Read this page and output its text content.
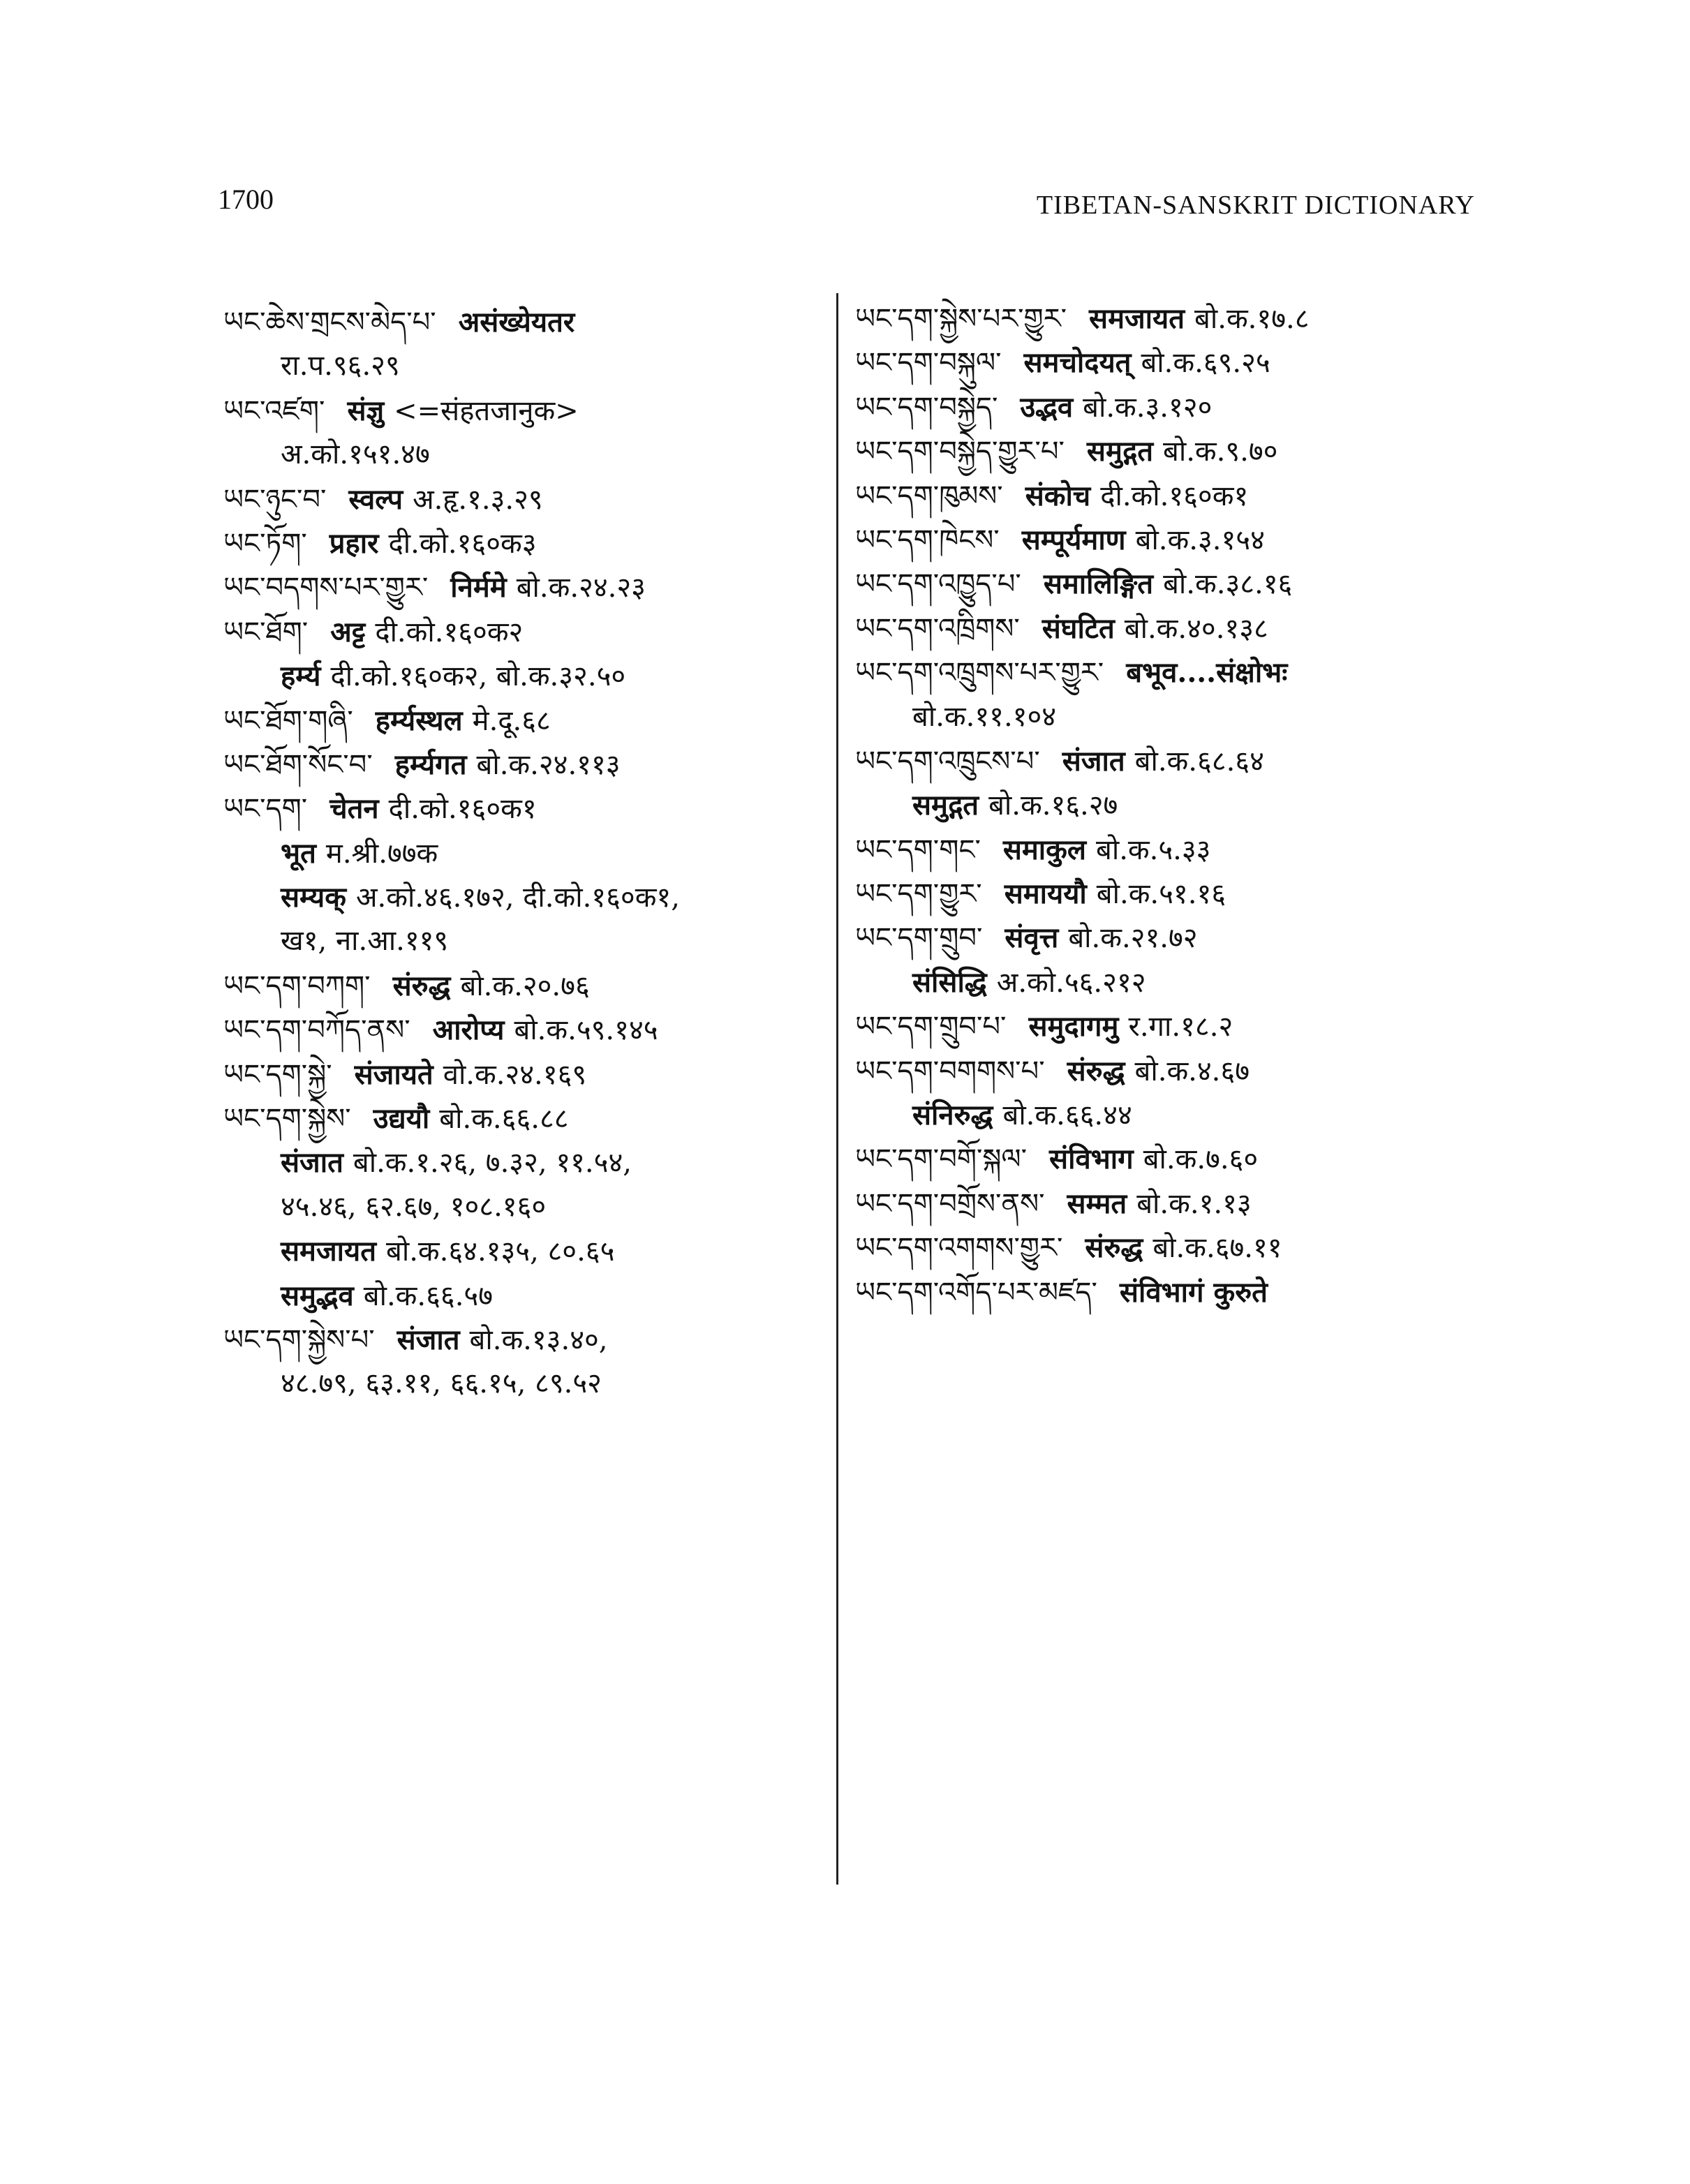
1700	TIBETAN-SANSKRIT DICTIONARY
ཡང་ཆེས་གྲངས་མེད་པ་ असंख्येयतर
रा.प.९६.२९
ཡང་འཛག་ संज्ञु <=संहतजानुक>
अ.को.१५१.४७
ཡང་ཉུང་བ་ स्वल्प अ.हृ.१.३.२९
ཡང་ཏོག་ प्रहार दी.को.१६०क३
ཡང་བདགས་པར་གྱུར་ निर्ममे बो.क.२४.२३
ཡང་ཐོག་ अट्ट दी.को.१६०क२
हर्म्य दी.को.१६०क२, बो.क.३२.५०
ཡང་ཐོག་གཞི་ हर्म्यस्थल मे.दू.६८
ཡང་ཐོག་སོང་བ་ हर्म्यगत बो.क.२४.११३
ཡང་དག་ चेतन दी.को.१६०क१
भूत म.श्री.७७क
सम्यक् अ.को.४६.१७२, दी.को.१६०क१,
ख१, ना.आ.११९
ཡང་དག་བཀག་ संरुद्ध बो.क.२०.७६
ཡང་དག་བཀོད་ནས་ आरोप्य बो.क.५९.१४५
ཡང་དག་སྐྱེ་ संजायते वो.क.२४.१६९
ཡང་དག་སྐྱེས་ उद्ययौ बो.क.६६.८८
संजात बो.क.१.२६, ७.३२, ११.५४,
४५.४६, ६२.६७, १०८.१६०
समजायत बो.क.६४.१३५, ८०.६५
समुद्भव बो.क.६६.५७
ཡང་དག་སྐྱེས་པ་ संजात बो.क.१३.४०,
४८.७९, ६३.११, ६६.१५, ८९.५२
ཡང་དག་སྐྱེས་པར་གྱུར་ समजायत बो.क.१७.८
ཡང་དག་བསྐུལ་ समचोदयत् बो.क.६९.२५
ཡང་དག་བསྐྱེད་ उद्भव बो.क.३.१२०
ཡང་དག་བསྐྱེད་གྱུར་པ་ समुद्गत बो.क.९.७०
ཡང་དག་ཁུམས་ संकोच दी.को.१६०क१
ཡང་དག་ཁེངས་ सम्पूर्यमाण बो.क.३.१५४
ཡང་དག་འཁྱུད་པ་ समालिङ्गित बो.क.३८.१६
ཡང་དག་འཁྲིགས་ संघटित बो.क.४०.१३८
ཡང་དག་འཁྲུགས་པར་གྱུར་ बभूव....संक्षोभः
बो.क.११.१०४
ཡང་དག་འཁྲུངས་པ་ संजात बो.क.६८.६४
समुद्गत बो.क.१६.२७
ཡང་དག་གང་ समाकुल बो.क.५.३३
ཡང་དག་གྱུར་ समाययौ बो.क.५१.१६
ཡང་དག་གྲུབ་ संवृत्त बो.क.२१.७२
संसिद्धि अ.को.५६.२१२
ཡང་དག་གྲུབ་པ་ समुदागमु र.गा.१८.२
ཡང་དག་བགགས་པ་ संरुद्ध बो.क.४.६७
संनिरुद्ध बो.क.६६.४४
ཡང་དག་བགོ་སྐལ་ संविभाग बो.क.७.६०
ཡང་དག་བགྲོས་ནས་ सम्मत बो.क.१.१३
ཡང་དག་འགགས་གྱུར་ संरुद्ध बो.क.६७.११
ཡང་དག་འགོད་པར་མཛད་ संविभागं कुरुते
